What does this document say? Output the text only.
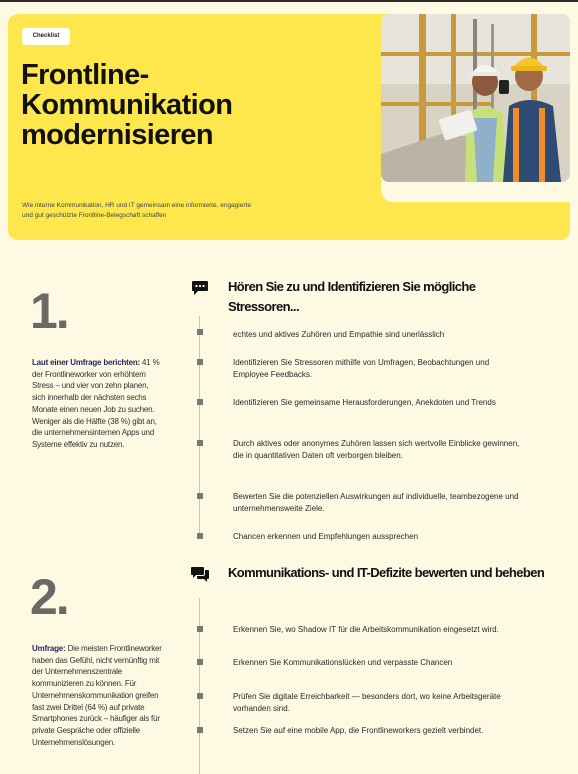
Checklist
Frontline-
Kommunikation
modernisieren

Wie interne Kommunikation, HR und IT gemeinsam eine informierte, engagierte und gut geschützte Frontline-Belegschaft schaffen

1.

Laut einer Umfrage berichten: 41 % der Frontlineworker von erhöhtem Stress – und vier von zehn planen, sich innerhalb der nächsten sechs Monate einen neuen Job zu suchen. Weniger als die Hälfte (38 %) gibt an, die unternehmensinternen Apps und Systeme effektiv zu nutzen.

Hören Sie zu und Identifizieren Sie mögliche
Stressoren...

echtes und aktives Zuhören und Empathie sind unerlässlich

Identifizieren Sie Stressoren mithilfe von Umfragen, Beobachtungen und Employee Feedbacks.

Identifizieren Sie gemeinsame Herausforderungen, Anekdoten und Trends

Durch aktives oder anonymes Zuhören lassen sich wertvolle Einblicke gewinnen, die in quantitativen Daten oft verborgen bleiben.

Bewerten Sie die potenziellen Auswirkungen auf individuelle, teambezogene und unternehmensweite Ziele.

Chancen erkennen und Empfehlungen aussprechen

2.

Umfrage: Die meisten Frontlineworker haben das Gefühl, nicht vernünftig mit der Unternehmenszentrale kommunizieren zu können. Für Unternehmenskommunikation greifen fast zwei Drittel (64 %) auf private Smartphones zurück – häufiger als für private Gespräche oder offizielle Unternehmenslösungen.

Kommunikations- und IT-Defizite bewerten und beheben

Erkennen Sie, wo Shadow IT für die Arbeitskommunikation eingesetzt wird.

Erkennen Sie Kommunikationslücken und verpasste Chancen

Prüfen Sie digitale Erreichbarkeit — besonders dort, wo keine Arbeitsgeräte vorhanden sind.

Setzen Sie auf eine mobile App, die Frontlineworkers gezielt verbindet.
